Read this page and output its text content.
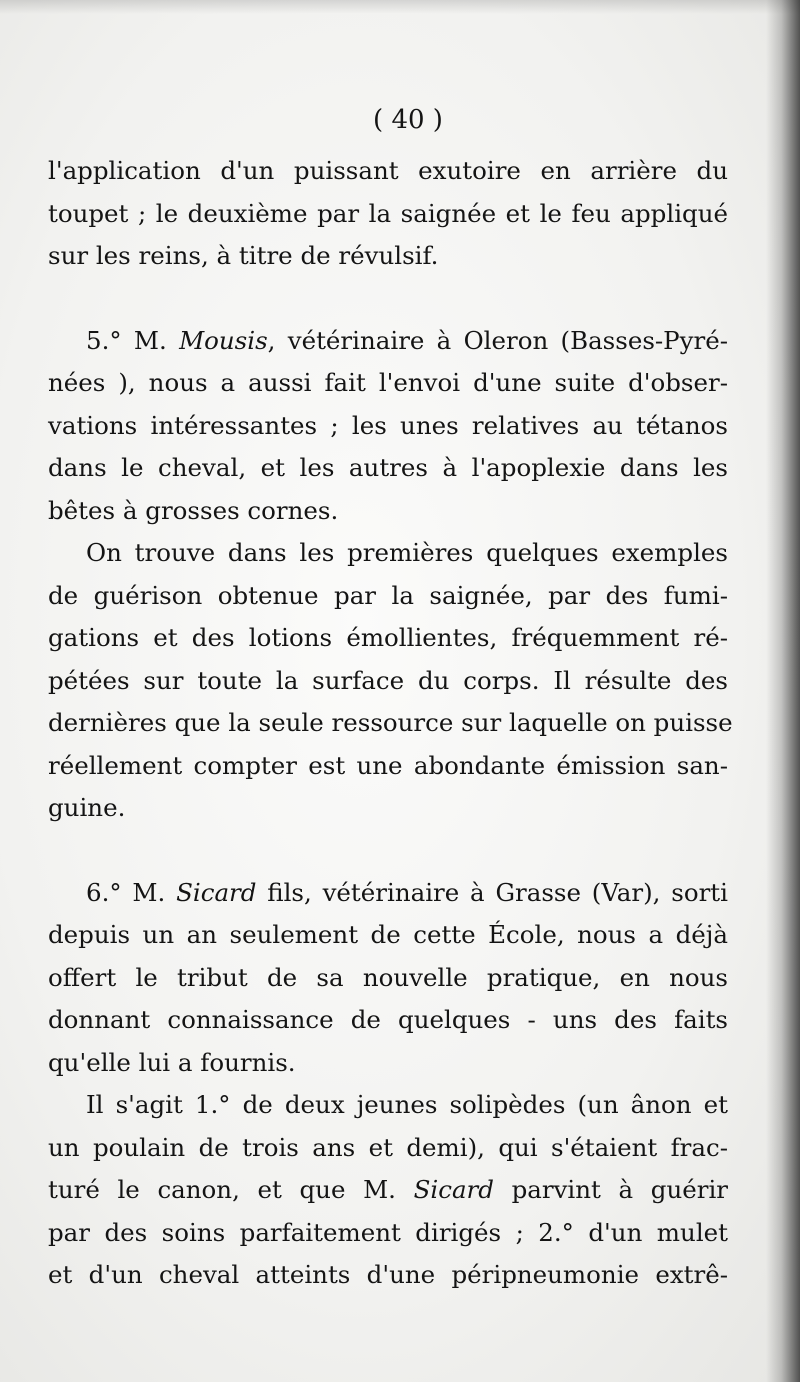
( 40 )
l'application d'un puissant exutoire en arrière du
toupet ; le deuxième par la saignée et le feu appliqué
sur les reins, à titre de révulsif.
5.° M. Mousis, vétérinaire à Oleron (Basses-Pyré-
nées ), nous a aussi fait l'envoi d'une suite d'obser-
vations intéressantes ; les unes relatives au tétanos
dans le cheval, et les autres à l'apoplexie dans les
bêtes à grosses cornes.
On trouve dans les premières quelques exemples
de guérison obtenue par la saignée, par des fumi-
gations et des lotions émollientes, fréquemment ré-
pétées sur toute la surface du corps. Il résulte des
dernières que la seule ressource sur laquelle on puisse
réellement compter est une abondante émission san-
guine.
6.° M. Sicard fils, vétérinaire à Grasse (Var), sorti
depuis un an seulement de cette École, nous a déjà
offert le tribut de sa nouvelle pratique, en nous
donnant connaissance de quelques - uns des faits
qu'elle lui a fournis.
Il s'agit 1.° de deux jeunes solipèdes (un ânon et
un poulain de trois ans et demi), qui s'étaient frac-
turé le canon, et que M. Sicard parvint à guérir
par des soins parfaitement dirigés ; 2.° d'un mulet
et d'un cheval atteints d'une péripneumonie extrê-
